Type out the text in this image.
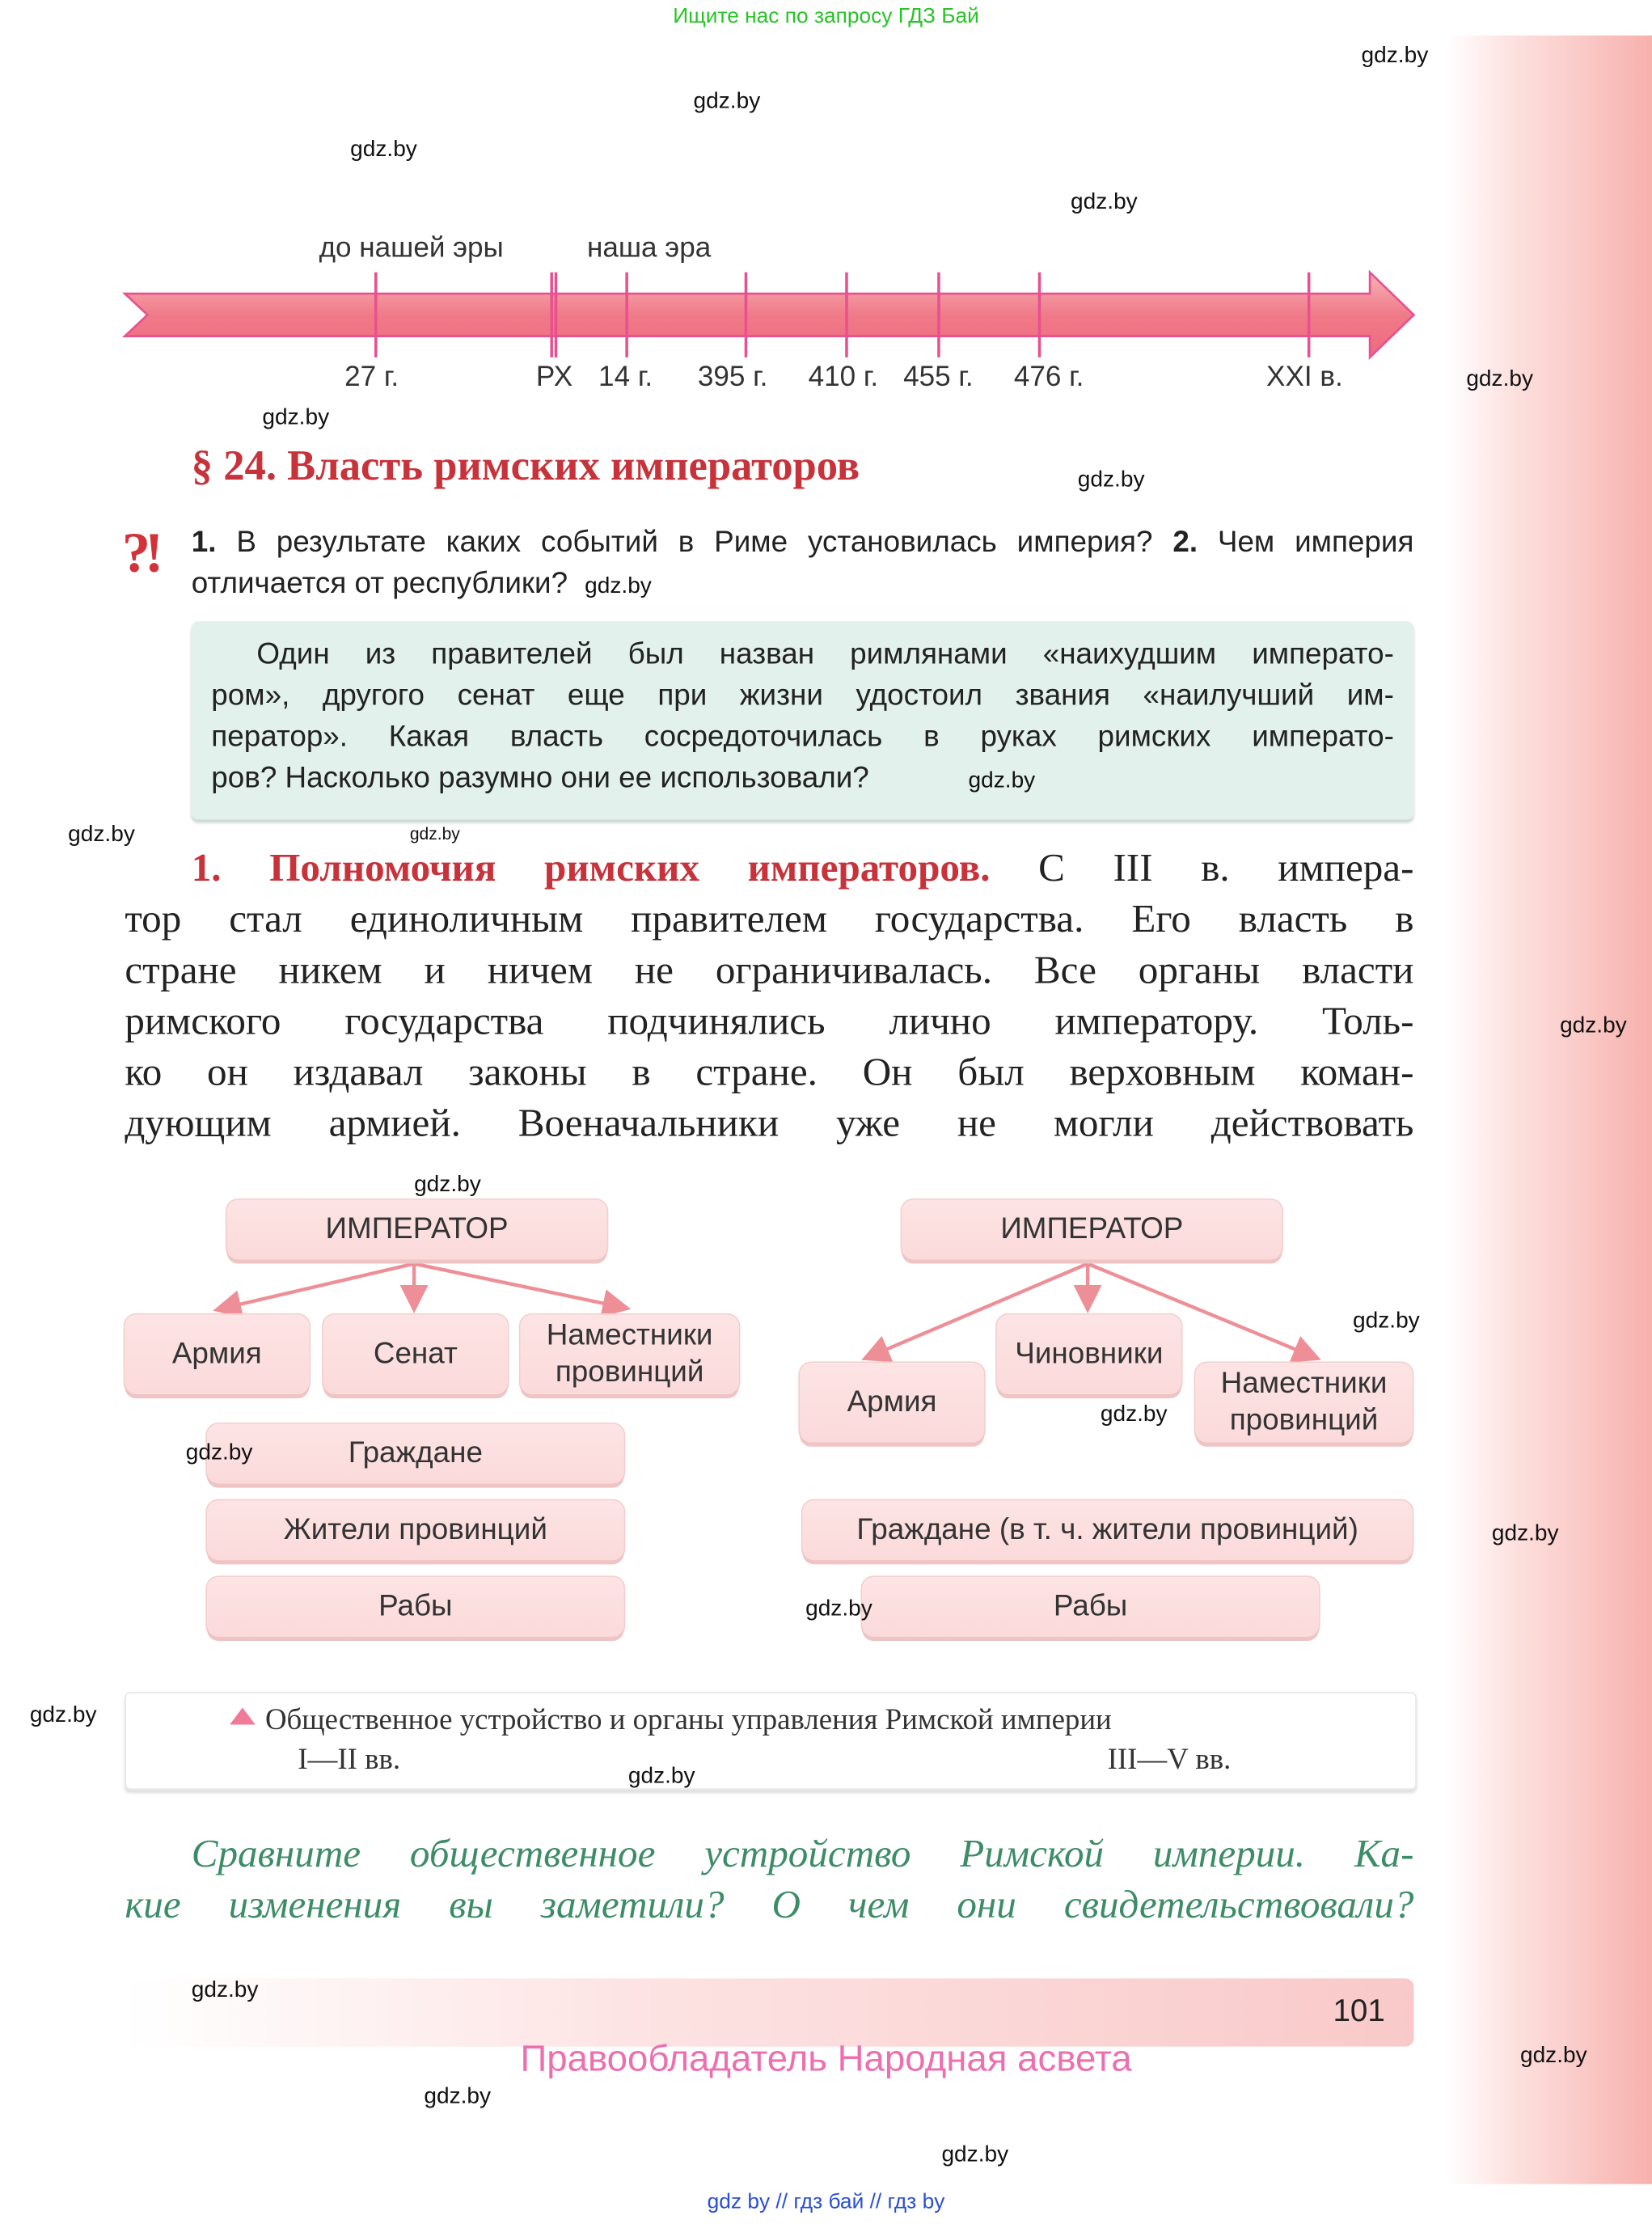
Ищите нас по запросу ГДЗ Бай
gdz.by
gdz.by
gdz.by
gdz.by
gdz.by
gdz.by
gdz.by
gdz.by	gdz.by
gdz.by
gdz.by
gdz.by
gdz.by
gdz.by
gdz.by
gdz.by
gdz.by
до нашей эры	наша эра
27 г.	РХ 14 г.	395 г.	410 г. 455 г.	476 г.	XXI в.
§ 24. Власть римских императоров
?! 1. В результате каких событий в Риме установилась империя? 2. Чем империя отличается от республики? gdz.by
Один из правителей был назван римлянами «наихудшим императо-
ром», другого сенат еще при жизни удостоил звания «наилучший им-
ператор». Какая власть сосредоточилась в руках римских императо-
ров? Насколько разумно они ее использовали?	gdz.by
1. Полномочия римских императоров. С III в. импера-
тор стал единоличным правителем государства. Его власть в
стране никем и ничем не ограничивалась. Все органы власти
римского государства подчинялись лично императору. Толь-
ко он издавал законы в стране. Он был верховным коман-
дующим армией. Военачальники уже не могли действовать
ИМПЕРАТОР
Армия	Сенат
Наместники провинций
Граждане
Жители провинций
Рабы
ИМПЕРАТОР
Армия
Чиновники
Наместники провинций
Граждане (в т. ч. жители провинций)
Рабы
gdz.by
gdz.by
gdz.by
Общественное устройство и органы управления Римской империи
I—II вв.	III—V вв.
gdz.by
Сравните общественное устройство Римской империи. Ка-
кие изменения вы заметили? О чем они свидетельствовали?
gdz.by
101
Правообладатель Народная асвета
gdz by // гдз бай // гдз by
